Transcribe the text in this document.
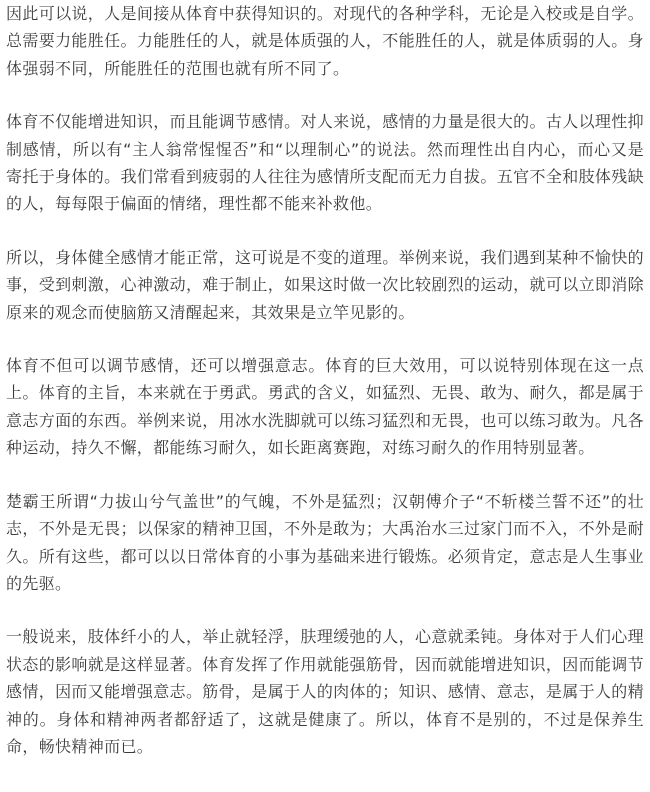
因此可以说，人是间接从体育中获得知识的。对现代的各种学科，无论是入校或是自学。总需要力能胜任。力能胜任的人，就是体质强的人，不能胜任的人，就是体质弱的人。身体强弱不同，所能胜任的范围也就有所不同了。

体育不仅能增进知识，而且能调节感情。对人来说，感情的力量是很大的。古人以理性抑制感情，所以有“主人翁常惺惺否”和“以理制心”的说法。然而理性出自内心，而心又是寄托于身体的。我们常看到疲弱的人往往为感情所支配而无力自拔。五官不全和肢体残缺的人，每每限于偏面的情绪，理性都不能来补救他。

所以，身体健全感情才能正常，这可说是不变的道理。举例来说，我们遇到某种不愉快的事，受到刺激，心神激动，难于制止，如果这时做一次比较剧烈的运动，就可以立即消除原来的观念而使脑筋又清醒起来，其效果是立竿见影的。

体育不但可以调节感情，还可以增强意志。体育的巨大效用，可以说特别体现在这一点上。体育的主旨，本来就在于勇武。勇武的含义，如猛烈、无畏、敢为、耐久，都是属于意志方面的东西。举例来说，用冰水洗脚就可以练习猛烈和无畏，也可以练习敢为。凡各种运动，持久不懈，都能练习耐久，如长距离赛跑，对练习耐久的作用特别显著。

楚霸王所谓“力拔山兮气盖世”的气魄，不外是猛烈；汉朝傅介子“不斩楼兰誓不还”的壮志，不外是无畏；以保家的精神卫国，不外是敢为；大禹治水三过家门而不入，不外是耐久。所有这些，都可以以日常体育的小事为基础来进行锻炼。必须肯定，意志是人生事业的先驱。

一般说来，肢体纤小的人，举止就轻浮，肤理缓弛的人，心意就柔钝。身体对于人们心理状态的影响就是这样显著。体育发挥了作用就能强筋骨，因而就能增进知识，因而能调节感情，因而又能增强意志。筋骨，是属于人的肉体的；知识、感情、意志，是属于人的精神的。身体和精神两者都舒适了，这就是健康了。所以，体育不是别的，不过是保养生命，畅快精神而已。
